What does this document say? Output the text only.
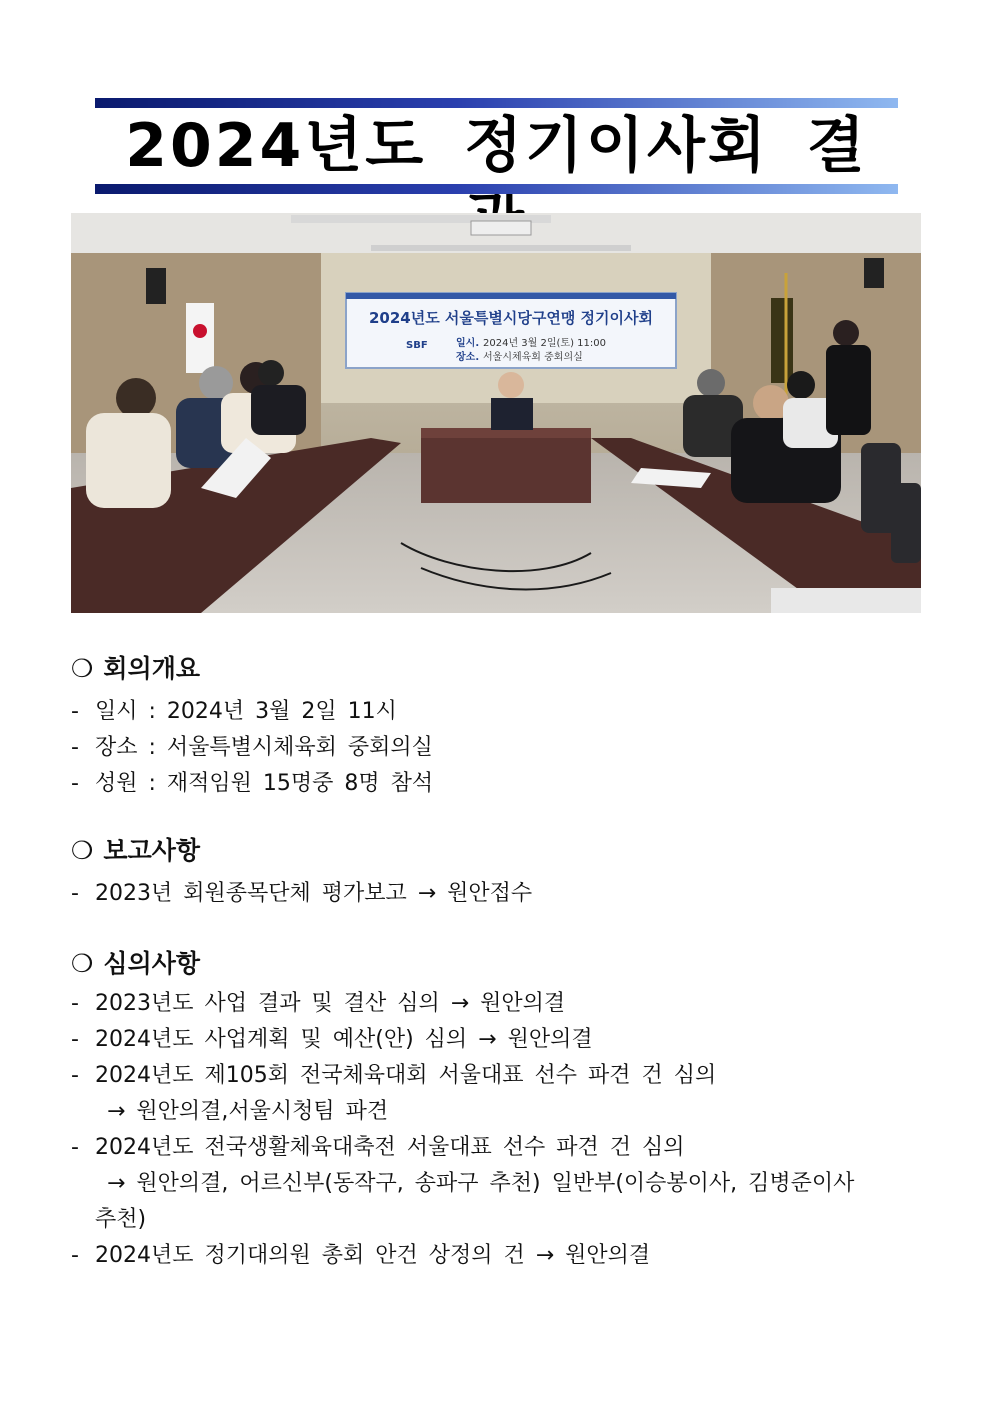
2024년도 정기이사회 결
2024년도 서울특별시당구연맹 정기이사회
SBF	일시. 2024년 3월 2일(토) 11:00
장소. 서울시체육회 중회의실
❍ 회의개요
- 일시 : 2024년 3월 2일 11시
- 장소 : 서울특별시체육회 중회의실
- 성원 : 재적임원 15명중 8명 참석
❍ 보고사항
- 2023년 회원종목단체 평가보고 → 원안접수
❍ 심의사항
- 2023년도 사업 결과 및 결산 심의 → 원안의결
- 2024년도 사업계획 및 예산(안) 심의 → 원안의결
- 2024년도 제105회 전국체육대회 서울대표 선수 파견 건 심의
→ 원안의결,서울시청팀 파견
- 2024년도 전국생활체육대축전 서울대표 선수 파견 건 심의
→ 원안의결, 어르신부(동작구, 송파구 추천) 일반부(이승봉이사, 김병준이사
추천)
- 2024년도 정기대의원 총회 안건 상정의 건 → 원안의결
